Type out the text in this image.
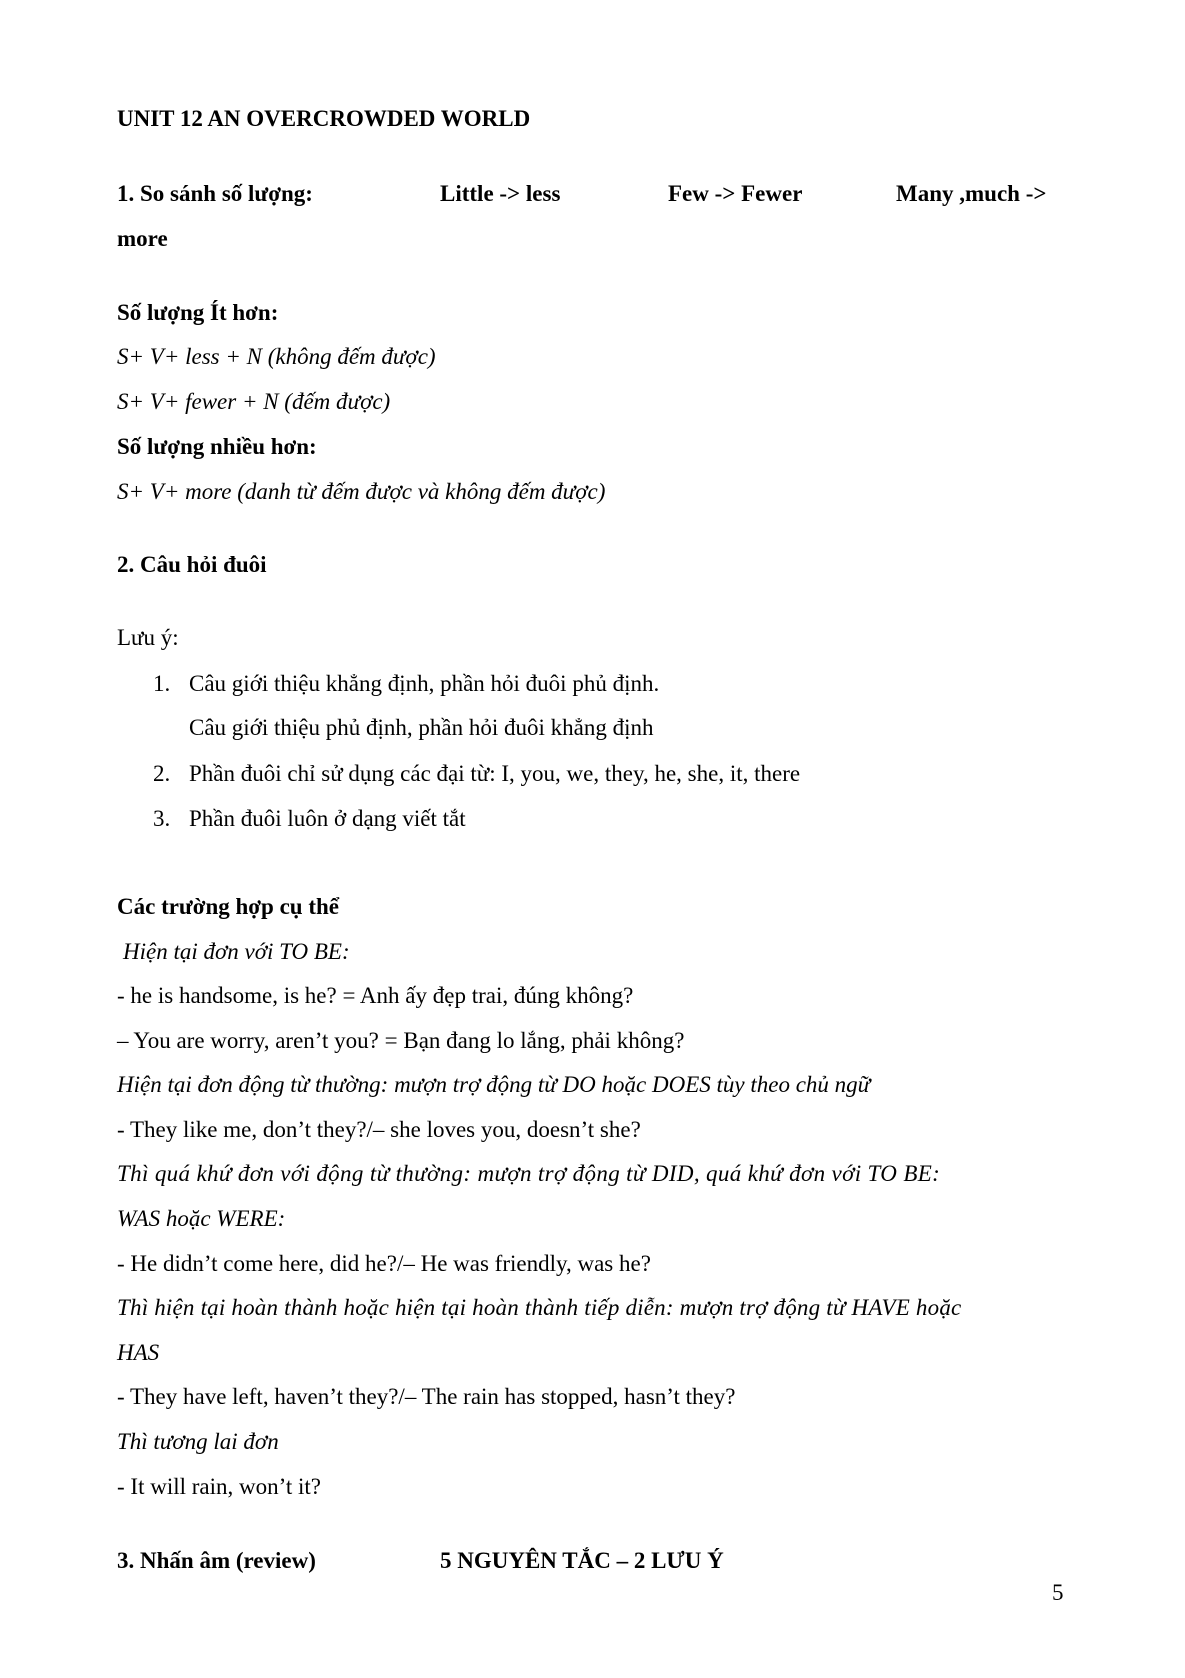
UNIT 12 AN OVERCROWDED WORLD
1. So sánh số lượng:	Little -> less	Few -> Fewer	Many ,much ->
more
Số lượng Ít hơn:
S+ V+ less + N (không đếm được)
S+ V+ fewer + N (đếm được)
Số lượng nhiều hơn:
S+ V+ more (danh từ đếm được và không đếm được)
2. Câu hỏi đuôi
Lưu ý:
1. Câu giới thiệu khẳng định, phần hỏi đuôi phủ định.
Câu giới thiệu phủ định, phần hỏi đuôi khẳng định
2. Phần đuôi chỉ sử dụng các đại từ: I, you, we, they, he, she, it, there
3. Phần đuôi luôn ở dạng viết tắt
Các trường hợp cụ thể
Hiện tại đơn với TO BE:
- he is handsome, is he? = Anh ấy đẹp trai, đúng không?
– You are worry, aren’t you? = Bạn đang lo lắng, phải không?
Hiện tại đơn động từ thường: mượn trợ động từ DO hoặc DOES tùy theo chủ ngữ
- They like me, don’t they?/– she loves you, doesn’t she?
Thì quá khứ đơn với động từ thường: mượn trợ động từ DID, quá khứ đơn với TO BE:
WAS hoặc WERE:
- He didn’t come here, did he?/– He was friendly, was he?
Thì hiện tại hoàn thành hoặc hiện tại hoàn thành tiếp diễn: mượn trợ động từ HAVE hoặc
HAS
- They have left, haven’t they?/– The rain has stopped, hasn’t they?
Thì tương lai đơn
- It will rain, won’t it?
3. Nhấn âm (review)	5 NGUYÊN TẮC – 2 LƯU Ý
5
